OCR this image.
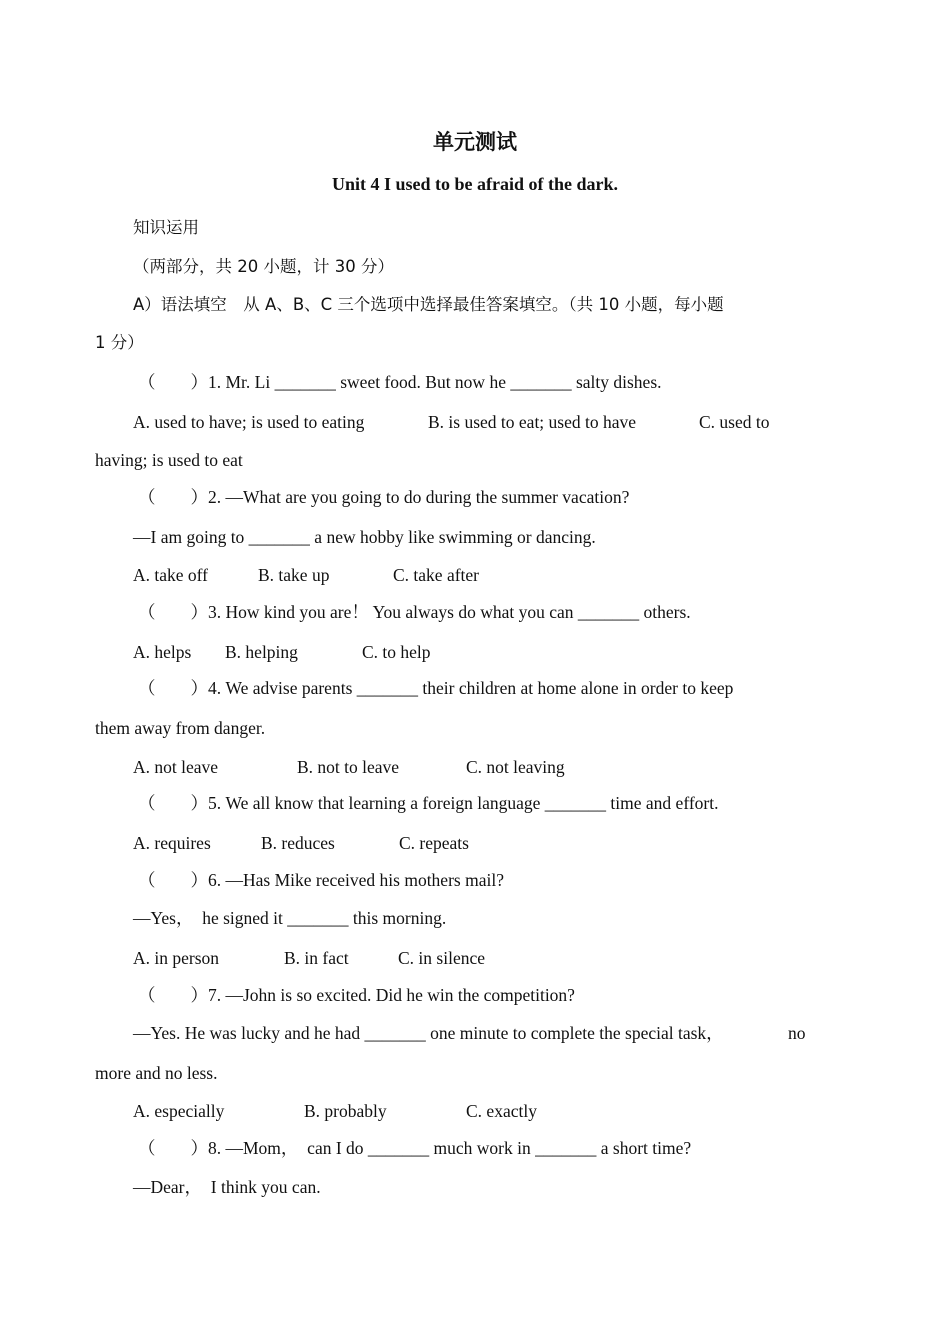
单元测试
Unit 4 I used to be afraid of the dark.
知识运用
（两部分，共 20 小题，计 30 分）
A）语法填空　从 A、B、C 三个选项中选择最佳答案填空。（共 10 小题，每小题
1 分）
（　　）1. Mr. Li _______ sweet food. But now he _______ salty dishes.
A. used to have; is used to eating	B. is used to eat; used to have	C. used to
having; is used to eat
（　　）2. —What are you going to do during the summer vacation?
—I am going to _______ a new hobby like swimming or dancing.
A. take off	B. take up	C. take after
（　　）3. How kind you are！ You always do what you can _______ others.
A. helps B. helping	C. to help
（　　）4. We advise parents _______ their children at home alone in order to keep
them away from danger.
A. not leave	B. not to leave	C. not leaving
（　　）5. We all know that learning a foreign language _______ time and effort.
A. requires	B. reduces	C. repeats
（　　）6. —Has Mike received his mothers mail?
—Yes，　he signed it _______ this morning.
A. in person	B. in fact	C. in silence
（　　）7. —John is so excited. Did he win the competition?
—Yes. He was lucky and he had _______ one minute to complete the special task，	no
more and no less.
A. especially	B. probably	C. exactly
（　　）8. —Mom，　can I do _______ much work in _______ a short time?
—Dear，　I think you can.
